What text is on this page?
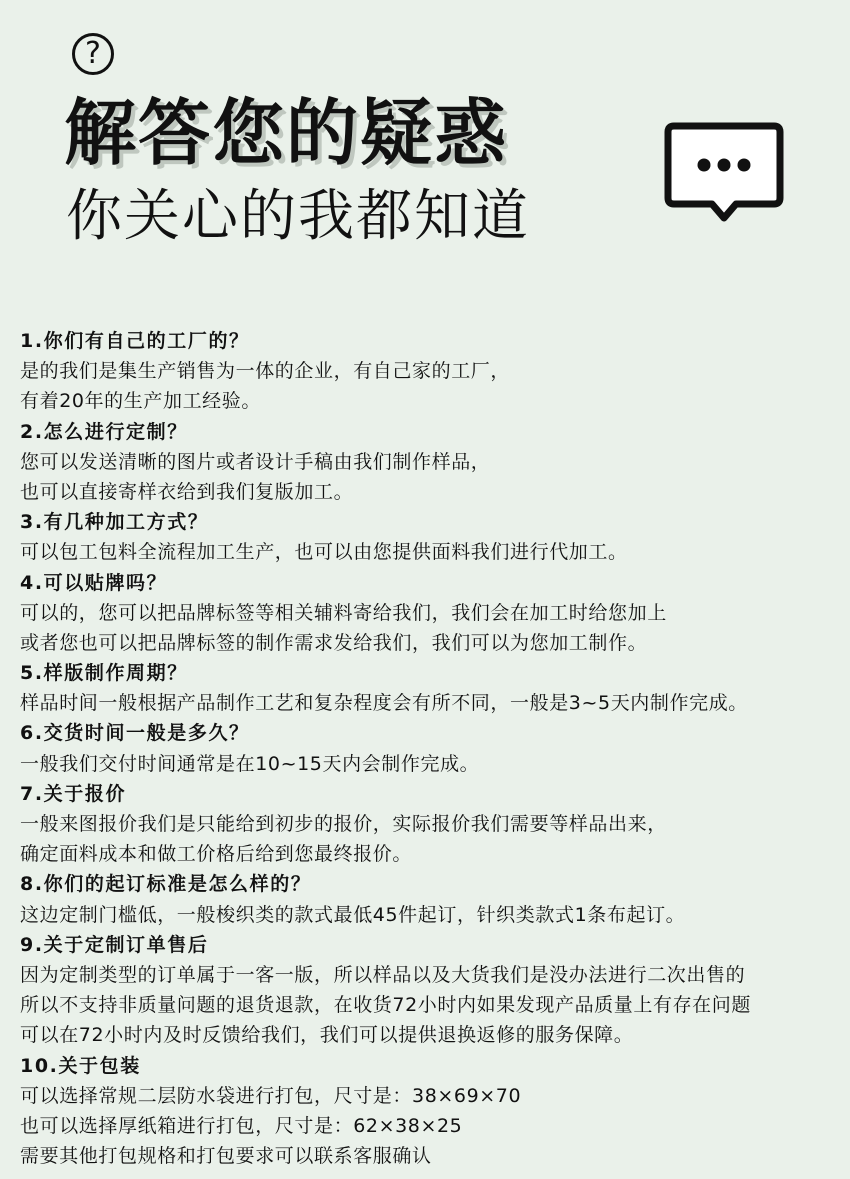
?
解答您的疑惑
你关心的我都知道
1.你们有自己的工厂的？
是的我们是集生产销售为一体的企业，有自己家的工厂，
有着20年的生产加工经验。
2.怎么进行定制？
您可以发送清晰的图片或者设计手稿由我们制作样品，
也可以直接寄样衣给到我们复版加工。
3.有几种加工方式？
可以包工包料全流程加工生产，也可以由您提供面料我们进行代加工。
4.可以贴牌吗？
可以的，您可以把品牌标签等相关辅料寄给我们，我们会在加工时给您加上
或者您也可以把品牌标签的制作需求发给我们，我们可以为您加工制作。
5.样版制作周期？
样品时间一般根据产品制作工艺和复杂程度会有所不同，一般是3~5天内制作完成。
6.交货时间一般是多久？
一般我们交付时间通常是在10~15天内会制作完成。
7.关于报价
一般来图报价我们是只能给到初步的报价，实际报价我们需要等样品出来，
确定面料成本和做工价格后给到您最终报价。
8.你们的起订标准是怎么样的？
这边定制门槛低，一般梭织类的款式最低45件起订，针织类款式1条布起订。
9.关于定制订单售后
因为定制类型的订单属于一客一版，所以样品以及大货我们是没办法进行二次出售的
所以不支持非质量问题的退货退款，在收货72小时内如果发现产品质量上有存在问题
可以在72小时内及时反馈给我们，我们可以提供退换返修的服务保障。
10.关于包装
可以选择常规二层防水袋进行打包，尺寸是：38×69×70
也可以选择厚纸箱进行打包，尺寸是：62×38×25
需要其他打包规格和打包要求可以联系客服确认
